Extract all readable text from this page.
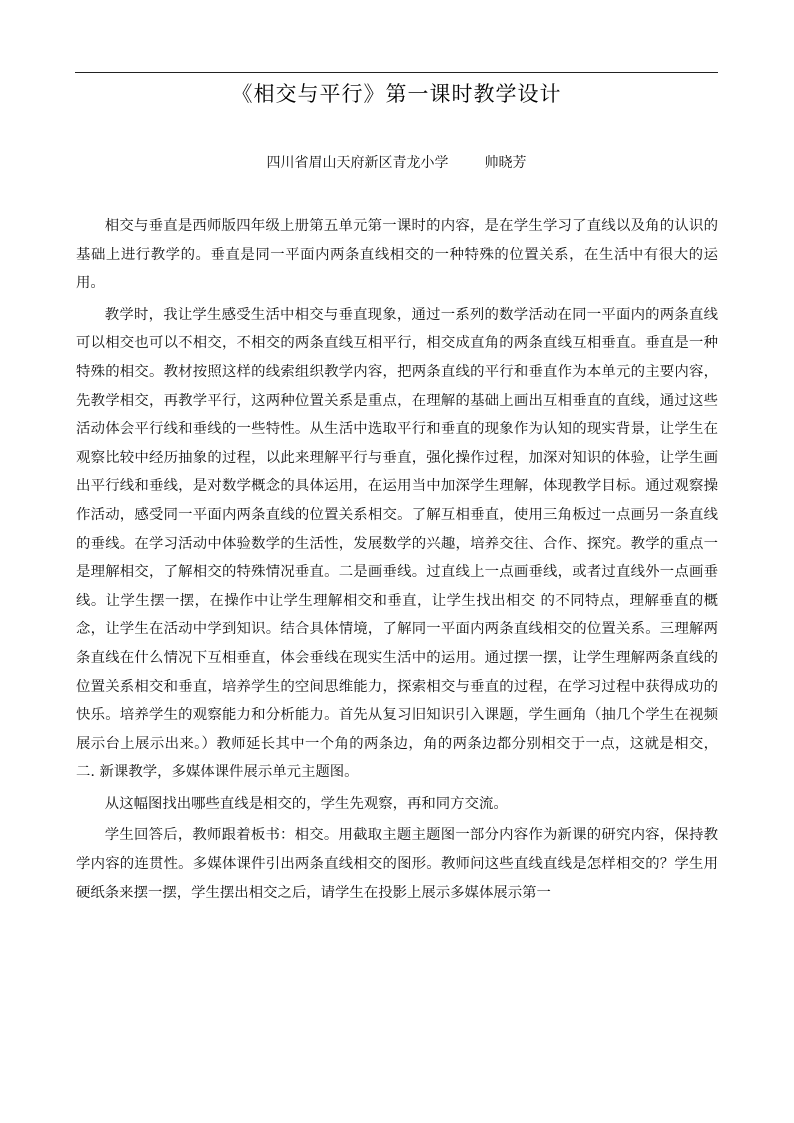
《相交与平行》第一课时教学设计
四川省眉山天府新区青龙小学	帅晓芳

相交与垂直是西师版四年级上册第五单元第一课时的内容，是在学生学习了直线以及角的认识的基础上进行教学的。垂直是同一平面内两条直线相交的一种特殊的位置关系，在生活中有很大的运用。

教学时，我让学生感受生活中相交与垂直现象，通过一系列的数学活动在同一平面内的两条直线可以相交也可以不相交，不相交的两条直线互相平行，相交成直角的两条直线互相垂直。垂直是一种特殊的相交。教材按照这样的线索组织教学内容，把两条直线的平行和垂直作为本单元的主要内容，先教学相交，再教学平行，这两种位置关系是重点，在理解的基础上画出互相垂直的直线，通过这些活动体会平行线和垂线的一些特性。从生活中选取平行和垂直的现象作为认知的现实背景，让学生在观察比较中经历抽象的过程，以此来理解平行与垂直，强化操作过程，加深对知识的体验，让学生画出平行线和垂线，是对数学概念的具体运用，在运用当中加深学生理解，体现教学目标。通过观察操作活动，感受同一平面内两条直线的位置关系相交。了解互相垂直，使用三角板过一点画另一条直线的垂线。在学习活动中体验数学的生活性，发展数学的兴趣，培养交往、合作、探究。教学的重点一是理解相交，了解相交的特殊情况垂直。二是画垂线。过直线上一点画垂线，或者过直线外一点画垂线。让学生摆一摆，在操作中让学生理解相交和垂直，让学生找出相交 的不同特点，理解垂直的概念，让学生在活动中学到知识。结合具体情境，了解同一平面内两条直线相交的位置关系。三理解两条直线在什么情况下互相垂直，体会垂线在现实生活中的运用。通过摆一摆，让学生理解两条直线的位置关系相交和垂直，培养学生的空间思维能力，探索相交与垂直的过程，在学习过程中获得成功的快乐。培养学生的观察能力和分析能力。首先从复习旧知识引入课题，学生画角（抽几个学生在视频展示台上展示出来。）教师延长其中一个角的两条边，角的两条边都分别相交于一点，这就是相交，二. 新课教学，多媒体课件展示单元主题图。

从这幅图找出哪些直线是相交的，学生先观察，再和同方交流。

学生回答后，教师跟着板书：相交。用截取主题主题图一部分内容作为新课的研究内容，保持教学内容的连贯性。多媒体课件引出两条直线相交的图形。教师问这些直线直线是怎样相交的？学生用硬纸条来摆一摆，学生摆出相交之后，请学生在投影上展示多媒体展示第一
